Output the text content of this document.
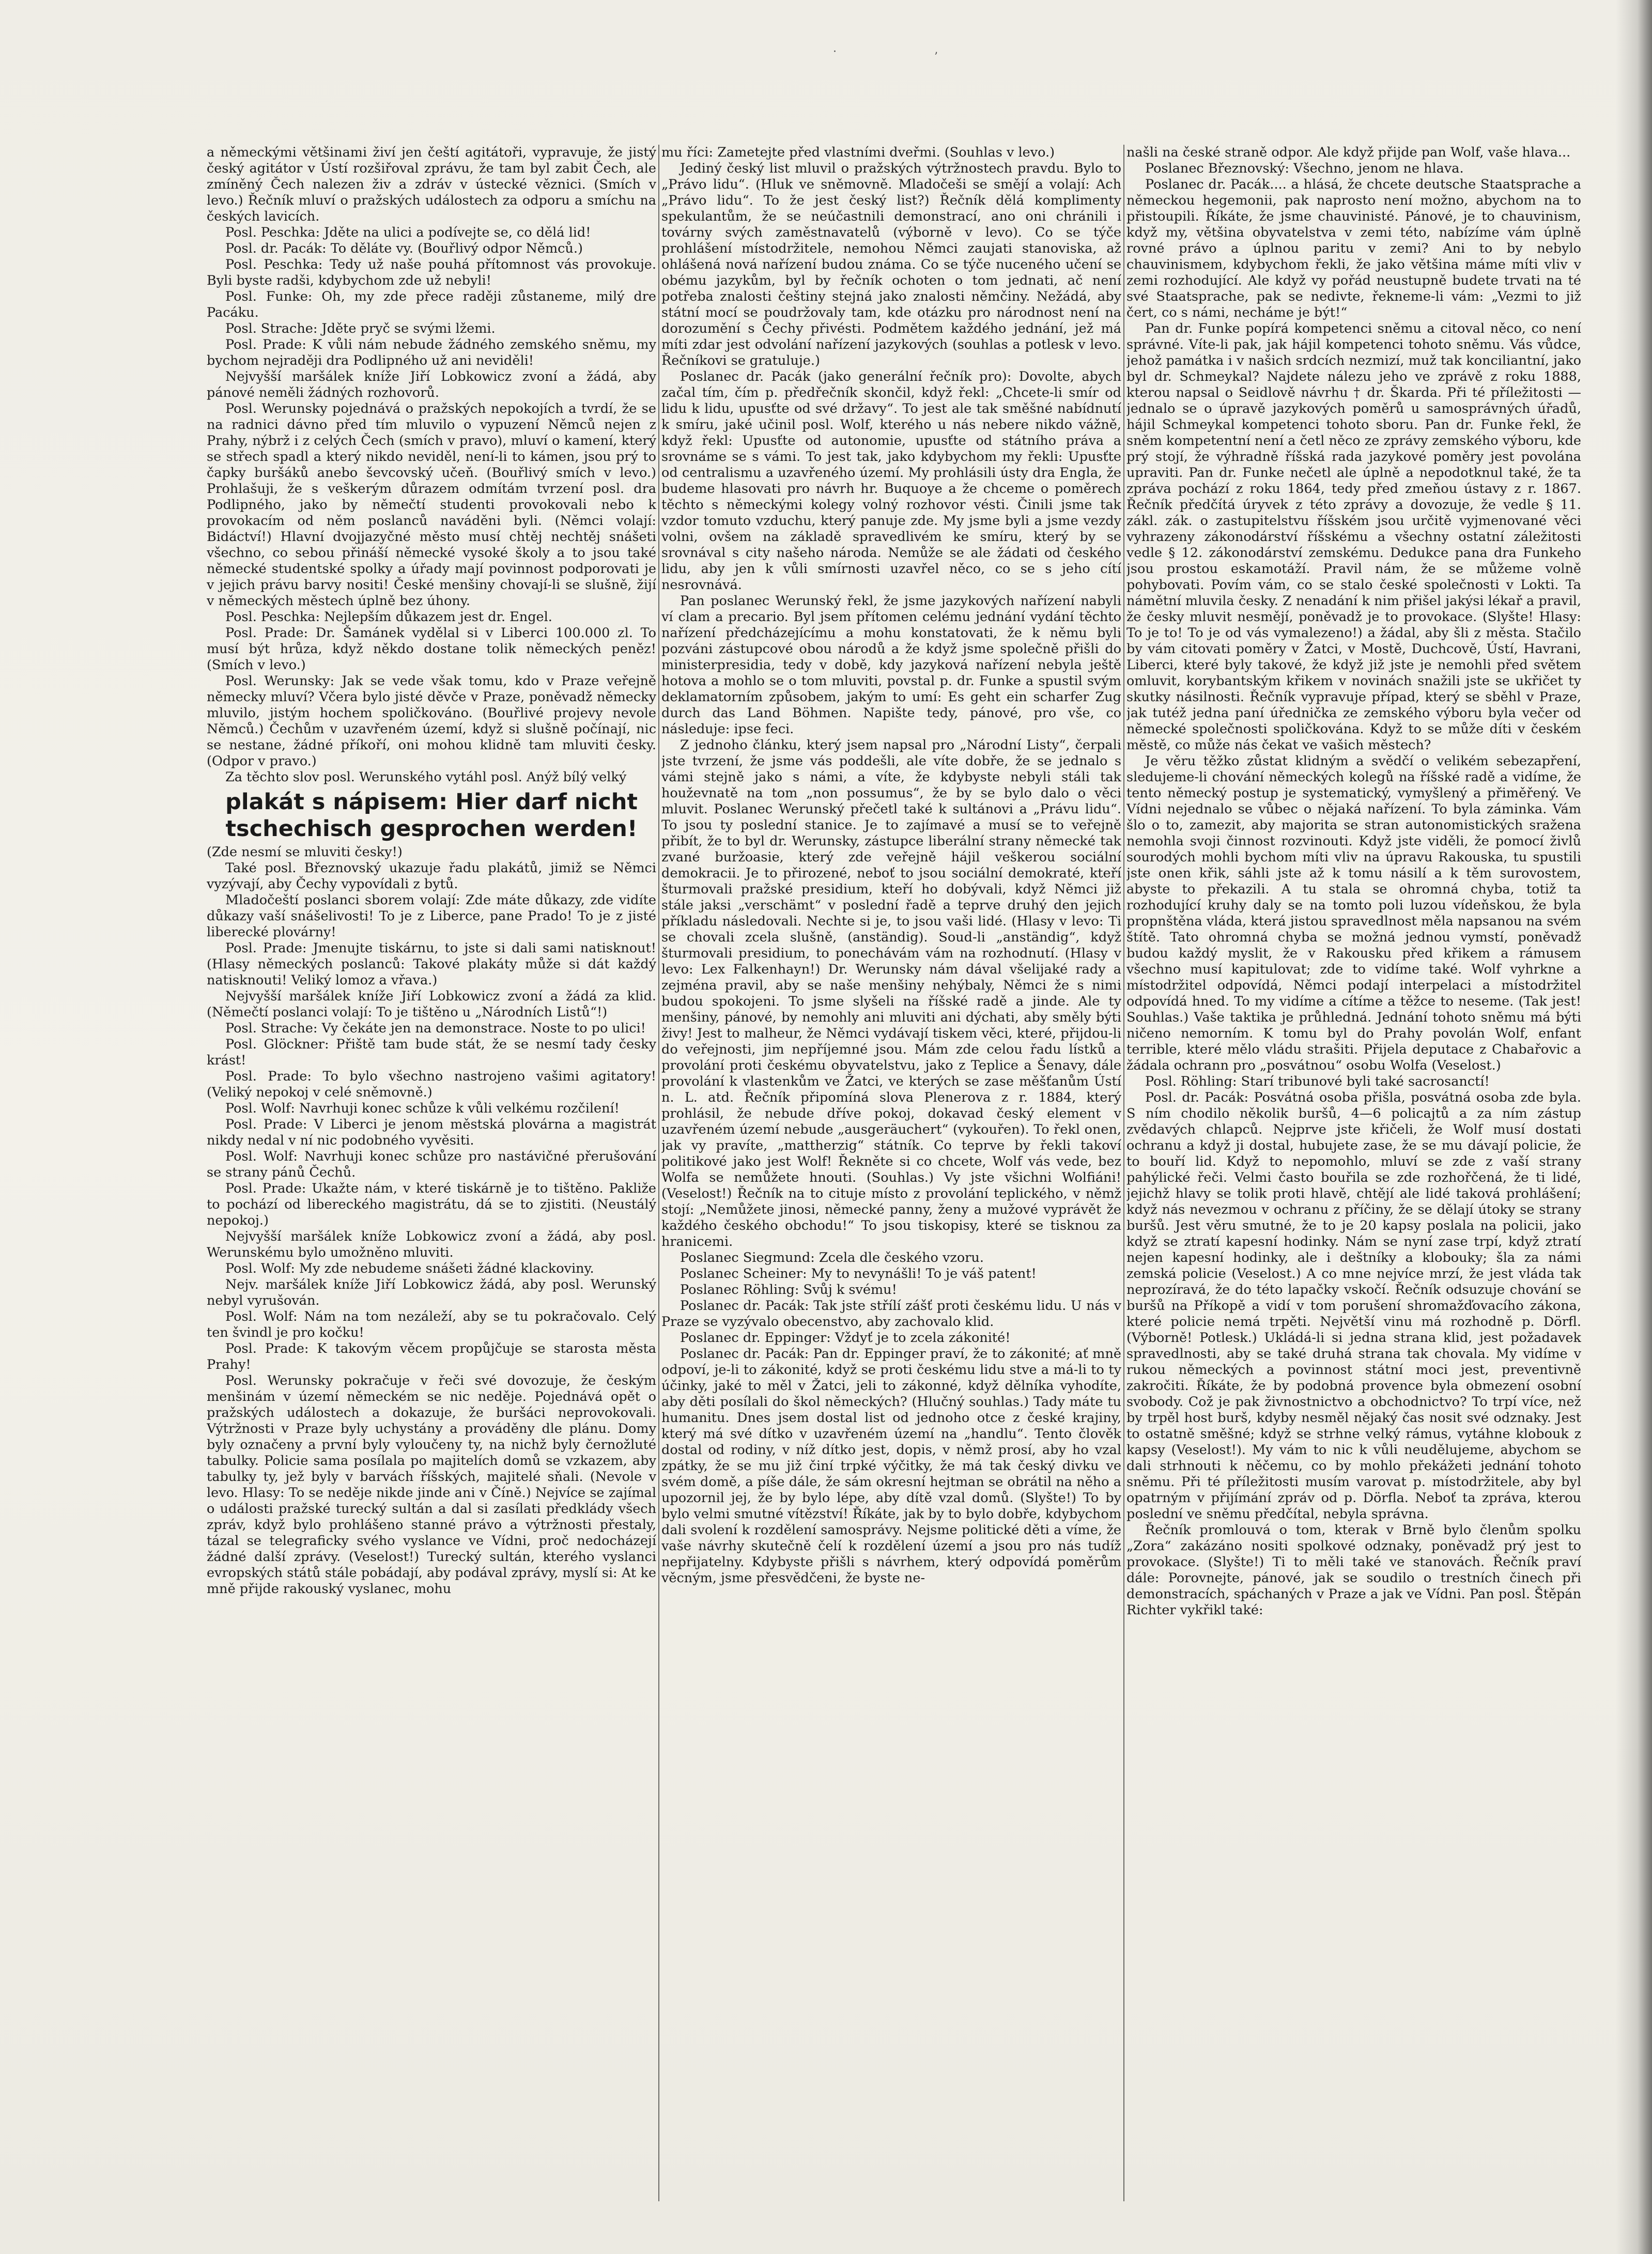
·	’

a německými většinami živí jen čeští agitátoři, vypravuje, že jistý český agitátor v Ústí rozšiřoval zprávu, že tam byl zabit Čech, ale zmíněný Čech nalezen živ a zdráv v ústecké věznici. (Smích v levo.) Řečník mluví o pražských událostech za odporu a smíchu na českých lavicích.

Posl. Peschka: Jděte na ulici a podívejte se, co dělá lid!

Posl. dr. Pacák: To děláte vy. (Bouřlivý odpor Němců.)

Posl. Peschka: Tedy už naše pouhá přítomnost vás provokuje. Byli byste radši, kdybychom zde už nebyli!

Posl. Funke: Oh, my zde přece raději zůstaneme, milý dre Pacáku.

Posl. Strache: Jděte pryč se svými lžemi.

Posl. Prade: K vůli nám nebude žádného zemského sněmu, my bychom nejraději dra Podlipného už ani neviděli!

Nejvyšší maršálek kníže Jiří Lobkowicz zvoní a žádá, aby pánové neměli žádných rozhovorů.

Posl. Werunsky pojednává o pražských nepokojích a tvrdí, že se na radnici dávno před tím mluvilo o vypuzení Němců nejen z Prahy, nýbrž i z celých Čech (smích v pravo), mluví o kamení, který se střech spadl a který nikdo neviděl, není-li to kámen, jsou prý to čapky buršáků anebo ševcovský učeň. (Bouřlivý smích v levo.) Prohlašuji, že s veškerým důrazem odmítám tvrzení posl. dra Podlipného, jako by němečtí studenti provokovali nebo k provokacím od něm poslanců naváděni byli. (Němci volají: Bidáctví!) Hlavní dvojjazyčné město musí chtěj nechtěj snášeti všechno, co sebou přináší německé vysoké školy a to jsou také německé studentské spolky a úřady mají povinnost podporovati je v jejich právu barvy nositi! České menšiny chovají-li se slušně, žijí v německých městech úplně bez úhony.

Posl. Peschka: Nejlepším důkazem jest dr. Engel.

Posl. Prade: Dr. Šamánek vydělal si v Liberci 100.000 zl. To musí být hrůza, když někdo dostane tolik německých peněz! (Smích v levo.)

Posl. Werunsky: Jak se vede však tomu, kdo v Praze veřejně německy mluví? Včera bylo jisté děvče v Praze, poněvadž německy mluvilo, jistým hochem spoličkováno. (Bouřlivé projevy nevole Němců.) Čechům v uzavřeném území, když si slušně počínají, nic se nestane, žádné příkoří, oni mohou klidně tam mluviti česky. (Odpor v pravo.)

Za těchto slov posl. Werunského vytáhl posl. Anýž bílý velký

plakát s nápisem: Hier darf nicht tschechisch gesprochen werden!

(Zde nesmí se mluviti česky!)

Také posl. Březnovský ukazuje řadu plakátů, jimiž se Němci vyzývají, aby Čechy vypovídali z bytů.

Mladočeští poslanci sborem volají: Zde máte důkazy, zde vidíte důkazy vaší snášelivosti! To je z Liberce, pane Prado! To je z jisté liberecké plovárny!

Posl. Prade: Jmenujte tiskárnu, to jste si dali sami natisknout! (Hlasy německých poslanců: Takové plakáty může si dát každý natisknouti! Veliký lomoz a vřava.)

Nejvyšší maršálek kníže Jiří Lobkowicz zvoní a žádá za klid. (Němečtí poslanci volají: To je tištěno u „Národních Listů“!)

Posl. Strache: Vy čekáte jen na demonstrace. Noste to po ulici!

Posl. Glöckner: Přiště tam bude stát, že se nesmí tady česky krást!

Posl. Prade: To bylo všechno nastrojeno vašimi agitatory! (Veliký nepokoj v celé sněmovně.)

Posl. Wolf: Navrhuji konec schůze k vůli velkému rozčilení!

Posl. Prade: V Liberci je jenom městská plovárna a magistrát nikdy nedal v ní nic podobného vyvěsiti.

Posl. Wolf: Navrhuji konec schůze pro nastávičné přerušování se strany pánů Čechů.

Posl. Prade: Ukažte nám, v které tiskárně je to tištěno. Pakliže to pochází od libereckého magistrátu, dá se to zjistiti. (Neustálý nepokoj.)

Nejvyšší maršálek kníže Lobkowicz zvoní a žádá, aby posl. Werunskému bylo umožněno mluviti.

Posl. Wolf: My zde nebudeme snášeti žádné klackoviny.

Nejv. maršálek kníže Jiří Lobkowicz žádá, aby posl. Werunský nebyl vyrušován.

Posl. Wolf: Nám na tom nezáleží, aby se tu pokračovalo. Celý ten švindl je pro kočku!

Posl. Prade: K takovým věcem propůjčuje se starosta města Prahy!

Posl. Werunsky pokračuje v řeči své dovozuje, že českým menšinám v území německém se nic neděje. Pojednává opět o pražských událostech a dokazuje, že buršáci neprovokovali. Výtržnosti v Praze byly uchystány a prováděny dle plánu. Domy byly označeny a první byly vyloučeny ty, na nichž byly černožluté tabulky. Policie sama posílala po majitelích domů se vzkazem, aby tabulky ty, jež byly v barvách říšských, majitelé sňali. (Nevole v levo. Hlasy: To se neděje nikde jinde ani v Číně.) Nejvíce se zajímal o události pražské turecký sultán a dal si zasílati předklády všech zpráv, když bylo prohlášeno stanné právo a výtržnosti přestaly, tázal se telegraficky svého vyslance ve Vídni, proč nedocházejí žádné další zprávy. (Veselost!) Turecký sultán, kterého vyslanci evropských států stále pobádají, aby podával zprávy, myslí si: At ke mně přijde rakouský vyslanec, mohu

mu říci: Zametejte před vlastními dveřmi. (Souhlas v levo.)

Jediný český list mluvil o pražských výtržnostech pravdu. Bylo to „Právo lidu“. (Hluk ve sněmovně. Mladočeši se smějí a volají: Ach „Právo lidu“. To že jest český list?) Řečník dělá komplimenty spekulantům, že se neúčastnili demonstrací, ano oni chránili i továrny svých zaměstnavatelů (výborně v levo). Co se týče prohlášení místodržitele, nemohou Němci zaujati stanoviska, až ohlášená nová nařízení budou známa. Co se týče nuceného učení se obému jazykům, byl by řečník ochoten o tom jednati, ač není potřeba znalosti češtiny stejná jako znalosti němčiny. Nežádá, aby státní mocí se poudržovaly tam, kde otázku pro národnost není na dorozumění s Čechy přivésti. Podmětem každého jednání, jež má míti zdar jest odvolání nařízení jazykových (souhlas a potlesk v levo. Řečníkovi se gratuluje.)

Poslanec dr. Pacák (jako generální řečník pro): Dovolte, abych začal tím, čím p. předřečník skončil, když řekl: „Chcete-li smír od lidu k lidu, upusťte od své državy“. To jest ale tak směšné nabídnutí k smíru, jaké učinil posl. Wolf, kterého u nás nebere nikdo vážně, když řekl: Upusťte od autonomie, upusťte od státního práva a srovnáme se s vámi. To jest tak, jako kdybychom my řekli: Upusťte od centralismu a uzavřeného území. My prohlásili ústy dra Engla, že budeme hlasovati pro návrh hr. Buquoye a že chceme o poměrech těchto s německými kolegy volný rozhovor vésti. Činili jsme tak vzdor tomuto vzduchu, který panuje zde. My jsme byli a jsme vezdy volni, ovšem na základě spravedlivém ke smíru, který by se srovnával s city našeho národa. Nemůže se ale žádati od českého lidu, aby jen k vůli smírnosti uzavřel něco, co se s jeho cítí nesrovnává.

Pan poslanec Werunský řekl, že jsme jazykových nařízení nabyli ví clam a precario. Byl jsem přítomen celému jednání vydání těchto nařízení předcházejícímu a mohu konstatovati, že k němu byli pozváni zástupcové obou národů a že když jsme společně přišli do ministerpresidia, tedy v době, kdy jazyková nařízení nebyla ještě hotova a mohlo se o tom mluviti, povstal p. dr. Funke a spustil svým deklamatorním způsobem, jakým to umí: Es geht ein scharfer Zug durch das Land Böhmen. Napište tedy, pánové, pro vše, co následuje: ipse feci.

Z jednoho článku, který jsem napsal pro „Národní Listy“, čerpali jste tvrzení, že jsme vás poddešli, ale víte dobře, že se jednalo s vámi stejně jako s námi, a víte, že kdybyste nebyli stáli tak houževnatě na tom „non possumus“, že by se bylo dalo o věci mluvit. Poslanec Werunský přečetl také k sultánovi a „Právu lidu“. To jsou ty poslední stanice. Je to zajímavé a musí se to veřejně přibít, že to byl dr. Werunsky, zástupce liberální strany německé tak zvané buržoasie, který zde veřejně hájil veškerou sociální demokracii. Je to přirozené, neboť to jsou sociální demokraté, kteří šturmovali pražské presidium, kteří ho dobývali, když Němci již stále jaksi „verschämt“ v poslední řadě a teprve druhý den jejich příkladu následovali. Nechte si je, to jsou vaši lidé. (Hlasy v levo: Ti se chovali zcela slušně, (anständig). Soud-li „anständig“, když šturmovali presidium, to ponechávám vám na rozhodnutí. (Hlasy v levo: Lex Falkenhayn!) Dr. Werunsky nám dával všelijaké rady a zejména pravil, aby se naše menšiny nehýbaly, Němci že s nimi budou spokojeni. To jsme slyšeli na říšské radě a jinde. Ale ty menšiny, pánové, by nemohly ani mluviti ani dýchati, aby směly býti živy! Jest to malheur, že Němci vydávají tiskem věci, které, přijdou-li do veřejnosti, jim nepříjemné jsou. Mám zde celou řadu lístků a provolání proti českému obyvatelstvu, jako z Teplice a Šenavy, dále provolání k vlastenkům ve Žatci, ve kterých se zase měšťanům Ústí n. L. atd. Řečník připomíná slova Plenerova z r. 1884, který prohlásil, že nebude dříve pokoj, dokavad český element v uzavřeném území nebude „ausgeräuchert“ (vykouřen). To řekl onen, jak vy pravíte, „mattherzig“ státník. Co teprve by řekli takoví politikové jako jest Wolf! Řekněte si co chcete, Wolf vás vede, bez Wolfa se nemůžete hnouti. (Souhlas.) Vy jste všichni Wolfiáni! (Veselost!) Řečník na to cituje místo z provolání teplického, v němž stojí: „Nemůžete jinosi, německé panny, ženy a mužové vyprávět že každého českého obchodu!“ To jsou tiskopisy, které se tisknou za hranicemi.

Poslanec Siegmund: Zcela dle českého vzoru.

Poslanec Scheiner: My to nevynášli! To je váš patent!

Poslanec Röhling: Svůj k svému!

Poslanec dr. Pacák: Tak jste střílí zášť proti českému lidu. U nás v Praze se vyzývalo obecenstvo, aby zachovalo klid.

Poslanec dr. Eppinger: Vždyť je to zcela zákonité!

Poslanec dr. Pacák: Pan dr. Eppinger praví, že to zákonité; ať mně odpoví, je-li to zákonité, když se proti českému lidu stve a má-li to ty účinky, jaké to měl v Žatci, jeli to zákonné, když dělníka vyhodíte, aby děti posílali do škol německých? (Hlučný souhlas.) Tady máte tu humanitu. Dnes jsem dostal list od jednoho otce z české krajiny, který má své dítko v uzavřeném území na „handlu“. Tento člověk dostal od rodiny, v níž dítko jest, dopis, v němž prosí, aby ho vzal zpátky, že se mu již činí trpké výčitky, že má tak český divku ve svém domě, a píše dále, že sám okresní hejtman se obrátil na něho a upozornil jej, že by bylo lépe, aby dítě vzal domů. (Slyšte!) To by bylo velmi smutné vítězství! Říkáte, jak by to bylo dobře, kdybychom dali svolení k rozdělení samosprávy. Nejsme politické děti a víme, že vaše návrhy skutečně čelí k rozdělení území a jsou pro nás tudíž nepřijatelny. Kdybyste přišli s návrhem, který odpovídá poměrům věcným, jsme přesvědčeni, že byste ne-

našli na české straně odpor. Ale když přijde pan Wolf, vaše hlava...

Poslanec Březnovský: Všechno, jenom ne hlava.

Poslanec dr. Pacák.... a hlásá, že chcete deutsche Staatsprache a německou hegemonii, pak naprosto není možno, abychom na to přistoupili. Říkáte, že jsme chauvinisté. Pánové, je to chauvinism, když my, většina obyvatelstva v zemi této, nabízíme vám úplně rovné právo a úplnou paritu v zemi? Ani to by nebylo chauvinismem, kdybychom řekli, že jako většina máme míti vliv v zemi rozhodující. Ale když vy pořád neustupně budete trvati na té své Staatsprache, pak se nedivte, řekneme-li vám: „Vezmi to již čert, co s námi, necháme je být!“

Pan dr. Funke popírá kompetenci sněmu a citoval něco, co není správné. Víte-li pak, jak hájil kompetenci tohoto sněmu. Vás vůdce, jehož památka i v našich srdcích nezmizí, muž tak konciliantní, jako byl dr. Schmeykal? Najdete nálezu jeho ve zprávě z roku 1888, kterou napsal o Seidlově návrhu † dr. Škarda. Při té příležitosti — jednalo se o úpravě jazykových poměrů u samosprávných úřadů, hájil Schmeykal kompetenci tohoto sboru. Pan dr. Funke řekl, že sněm kompetentní není a četl něco ze zprávy zemského výboru, kde prý stojí, že výhradně říšská rada jazykové poměry jest povolána upraviti. Pan dr. Funke nečetl ale úplně a nepodotknul také, že ta zpráva pochází z roku 1864, tedy před zmeňou ústavy z r. 1867. Řečník předčítá úryvek z této zprávy a dovozuje, že vedle § 11. zákl. zák. o zastupitelstvu říšském jsou určitě vyjmenované věci vyhrazeny zákonodárství říšskému a všechny ostatní záležitosti vedle § 12. zákonodárství zemskému. Dedukce pana dra Funkeho jsou prostou eskamotáží. Pravil nám, že se můžeme volně pohybovati. Povím vám, co se stalo české společnosti v Lokti. Ta námětní mluvila česky. Z nenadání k nim přišel jakýsi lékař a pravil, že česky mluvit nesmějí, poněvadž je to provokace. (Slyšte! Hlasy: To je to! To je od vás vymalezeno!) a žádal, aby šli z města. Stačilo by vám citovati poměry v Žatci, v Mostě, Duchcově, Ústí, Havrani, Liberci, které byly takové, že když již jste je nemohli před světem omluvit, korybantským křikem v novinách snažili jste se ukřičet ty skutky násilnosti. Řečník vypravuje případ, který se sběhl v Praze, jak tutéž jedna paní úřednička ze zemského výboru byla večer od německé společnosti spoličkována. Když to se může díti v českém městě, co může nás čekat ve vašich městech?

Je věru těžko zůstat klidným a svědčí o velikém sebezapření, sledujeme-li chování německých kolegů na říšské radě a vidíme, že tento německý postup je systematický, vymyšlený a přiměřený. Ve Vídni nejednalo se vůbec o nějaká nařízení. To byla záminka. Vám šlo o to, zamezit, aby majorita se stran autonomistických sražena nemohla svoji činnost rozvinouti. Když jste viděli, že pomocí živlů sourodých mohli bychom míti vliv na úpravu Rakouska, tu spustili jste onen křik, sáhli jste až k tomu násilí a k těm surovostem, abyste to překazili. A tu stala se ohromná chyba, totiž ta rozhodující kruhy daly se na tomto poli luzou vídeňskou, že byla propnštěna vláda, která jistou spravedlnost měla napsanou na svém štítě. Tato ohromná chyba se možná jednou vymstí, poněvadž budou každý myslit, že v Rakousku před křikem a rámusem všechno musí kapitulovat; zde to vidíme také. Wolf vyhrkne a místodržitel odpovídá, Němci podají interpelaci a místodržitel odpovídá hned. To my vidíme a cítíme a těžce to neseme. (Tak jest! Souhlas.) Vaše taktika je průhledná. Jednání tohoto sněmu má býti ničeno nemorním. K tomu byl do Prahy povolán Wolf, enfant terrible, které mělo vládu strašiti. Přijela deputace z Chabařovic a žádala ochrann pro „posvátnou“ osobu Wolfa (Veselost.)

Posl. Röhling: Starí tribunové byli také sacrosanctí!

Posl. dr. Pacák: Posvátná osoba přišla, posvátná osoba zde byla. S ním chodilo několik buršů, 4—6 policajtů a za ním zástup zvědavých chlapců. Nejprve jste křičeli, že Wolf musí dostati ochranu a když ji dostal, hubujete zase, že se mu dávají policie, že to bouří lid. Když to nepomohlo, mluví se zde z vaší strany pahýlické řeči. Velmi často bouřila se zde rozhořčená, že ti lidé, jejichž hlavy se tolik proti hlavě, chtějí ale lidé taková prohlášení; když nás nevezmou v ochranu z příčiny, že se dělají útoky se strany buršů. Jest věru smutné, že to je 20 kapsy poslala na policii, jako když se ztratí kapesní hodinky. Nám se nyní zase trpí, když ztratí nejen kapesní hodinky, ale i deštníky a klobouky; šla za námi zemská policie (Veselost.) A co mne nejvíce mrzí, že jest vláda tak neprozíravá, že do této lapačky vskočí. Řečník odsuzuje chování se buršů na Příkopě a vidí v tom porušení shromažďovacího zákona, které policie nemá trpěti. Největší vinu má rozhodně p. Dörfl. (Výborně! Potlesk.) Ukládá-li si jedna strana klid, jest požadavek spravedlnosti, aby se také druhá strana tak chovala. My vidíme v rukou německých a povinnost státní moci jest, preventivně zakročiti. Říkáte, že by podobná provence byla obmezení osobní svobody. Což je pak živnostnictvo a obchodnictvo? To trpí více, než by trpěl host burš, kdyby nesměl nějaký čas nosit své odznaky. Jest to ostatně směšné; když se strhne velký rámus, vytáhne klobouk z kapsy (Veselost!). My vám to nic k vůli neudělujeme, abychom se dali strhnouti k něčemu, co by mohlo překážeti jednání tohoto sněmu. Při té příležitosti musím varovat p. místodržitele, aby byl opatrným v přijímání zpráv od p. Dörfla. Neboť ta zpráva, kterou poslední ve sněmu předčítal, nebyla správna.

Řečník promlouvá o tom, kterak v Brně bylo členům spolku „Zora“ zakázáno nositi spolkové odznaky, poněvadž prý jest to provokace. (Slyšte!) Ti to měli také ve stanovách. Řečník praví dále: Porovnejte, pánové, jak se soudilo o trestních činech při demonstracích, spáchaných v Praze a jak ve Vídni. Pan posl. Štěpán Richter vykřikl také:
